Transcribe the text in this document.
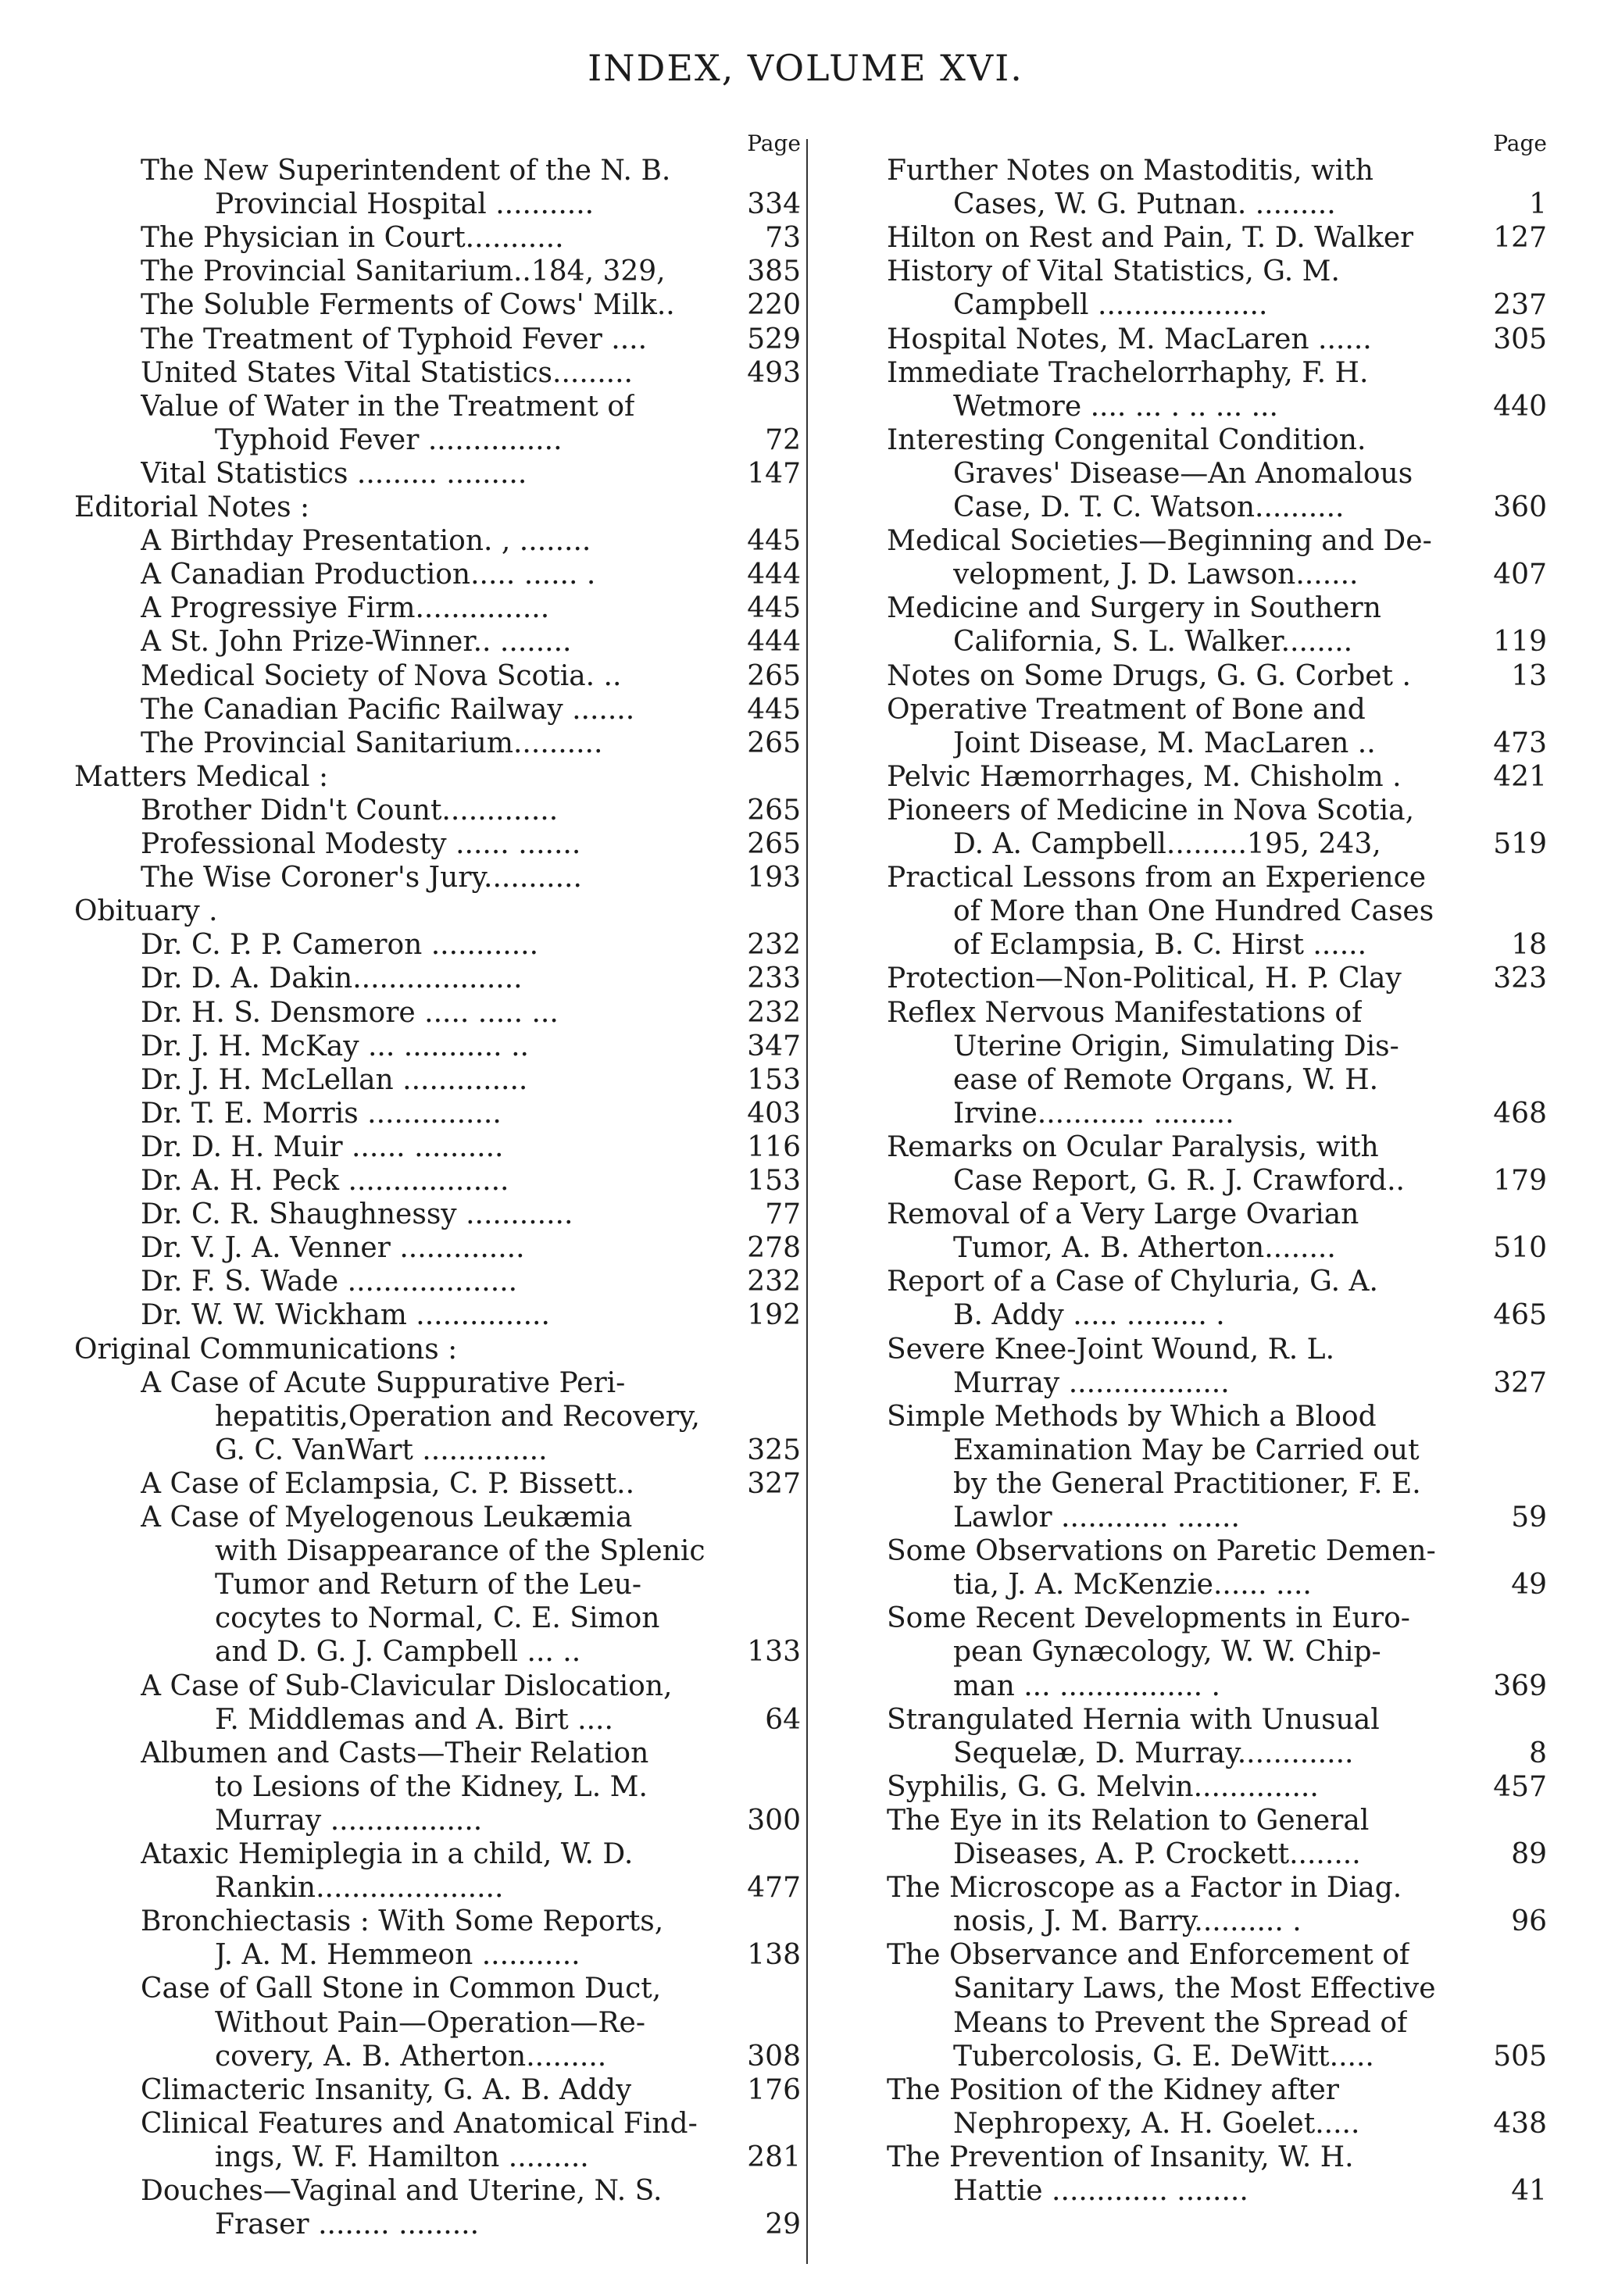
INDEX, VOLUME XVI.
Page
The New Superintendent of the N. B.
Provincial Hospital ...........	334
The Physician in Court...........	73
The Provincial Sanitarium..184, 329,	385
The Soluble Ferments of Cows' Milk..	220
The Treatment of Typhoid Fever ....	529
United States Vital Statistics.........	493
Value of Water in the Treatment of
Typhoid Fever ...............	72
Vital Statistics ......... .........	147
Editorial Notes :
A Birthday Presentation. , ........	445
A Canadian Production..... ...... .	444
A Progressiye Firm...............	445
A St. John Prize-Winner.. ........	444
Medical Society of Nova Scotia. ..	265
The Canadian Pacific Railway .......	445
The Provincial Sanitarium..........	265
Matters Medical :
Brother Didn't Count.............	265
Professional Modesty ...... .......	265
The Wise Coroner's Jury...........	193
Obituary .
Dr. C. P. P. Cameron ............	232
Dr. D. A. Dakin...................	233
Dr. H. S. Densmore ..... ..... ...	232
Dr. J. H. McKay ... ........... ..	347
Dr. J. H. McLellan ..............	153
Dr. T. E. Morris ...............	403
Dr. D. H. Muir ...... ..........	116
Dr. A. H. Peck ..................	153
Dr. C. R. Shaughnessy ............	77
Dr. V. J. A. Venner ..............	278
Dr. F. S. Wade ...................	232
Dr. W. W. Wickham ...............	192
Original Communications :
A Case of Acute Suppurative Peri-
hepatitis,Operation and Recovery,
G. C. VanWart ..............	325
A Case of Eclampsia, C. P. Bissett..	327
A Case of Myelogenous Leukæmia
with Disappearance of the Splenic
Tumor and Return of the Leu-
cocytes to Normal, C. E. Simon
and D. G. J. Campbell ... ..	133
A Case of Sub-Clavicular Dislocation,
F. Middlemas and A. Birt ....	64
Albumen and Casts—Their Relation
to Lesions of the Kidney, L. M.
Murray .................	300
Ataxic Hemiplegia in a child, W. D.
Rankin.....................	477
Bronchiectasis : With Some Reports,
J. A. M. Hemmeon ...........	138
Case of Gall Stone in Common Duct,
Without Pain—Operation—Re-
covery, A. B. Atherton.........	308
Climacteric Insanity, G. A. B. Addy	176
Clinical Features and Anatomical Find-
ings, W. F. Hamilton .........	281
Douches—Vaginal and Uterine, N. S.
Fraser ........ .........	29
Page
Further Notes on Mastoditis, with
Cases, W. G. Putnan. .........	1
Hilton on Rest and Pain, T. D. Walker	127
History of Vital Statistics, G. M.
Campbell ...................	237
Hospital Notes, M. MacLaren ......	305
Immediate Trachelorrhaphy, F. H.
Wetmore .... ... . .. ... ...	440
Interesting Congenital Condition.
Graves' Disease—An Anomalous
Case, D. T. C. Watson..........	360
Medical Societies—Beginning and De-
velopment, J. D. Lawson.......	407
Medicine and Surgery in Southern
California, S. L. Walker........	119
Notes on Some Drugs, G. G. Corbet .	13
Operative Treatment of Bone and
Joint Disease, M. MacLaren ..	473
Pelvic Hæmorrhages, M. Chisholm .	421
Pioneers of Medicine in Nova Scotia,
D. A. Campbell.........195, 243,	519
Practical Lessons from an Experience
of More than One Hundred Cases
of Eclampsia, B. C. Hirst ......	18
Protection—Non-Political, H. P. Clay	323
Reflex Nervous Manifestations of
Uterine Origin, Simulating Dis-
ease of Remote Organs, W. H.
Irvine............ .........	468
Remarks on Ocular Paralysis, with
Case Report, G. R. J. Crawford..	179
Removal of a Very Large Ovarian
Tumor, A. B. Atherton........	510
Report of a Case of Chyluria, G. A.
B. Addy ..... ......... .	465
Severe Knee-Joint Wound, R. L.
Murray ..................	327
Simple Methods by Which a Blood
Examination May be Carried out
by the General Practitioner, F. E.
Lawlor ............ .......	59
Some Observations on Paretic Demen-
tia, J. A. McKenzie...... ....	49
Some Recent Developments in Euro-
pean Gynæcology, W. W. Chip-
man ... ................ .	369
Strangulated Hernia with Unusual
Sequelæ, D. Murray.............	8
Syphilis, G. G. Melvin..............	457
The Eye in its Relation to General
Diseases, A. P. Crockett........	89
The Microscope as a Factor in Diag.
nosis, J. M. Barry.......... .	96
The Observance and Enforcement of
Sanitary Laws, the Most Effective
Means to Prevent the Spread of
Tubercolosis, G. E. DeWitt.....	505
The Position of the Kidney after
Nephropexy, A. H. Goelet.....	438
The Prevention of Insanity, W. H.
Hattie ............. ........	41
